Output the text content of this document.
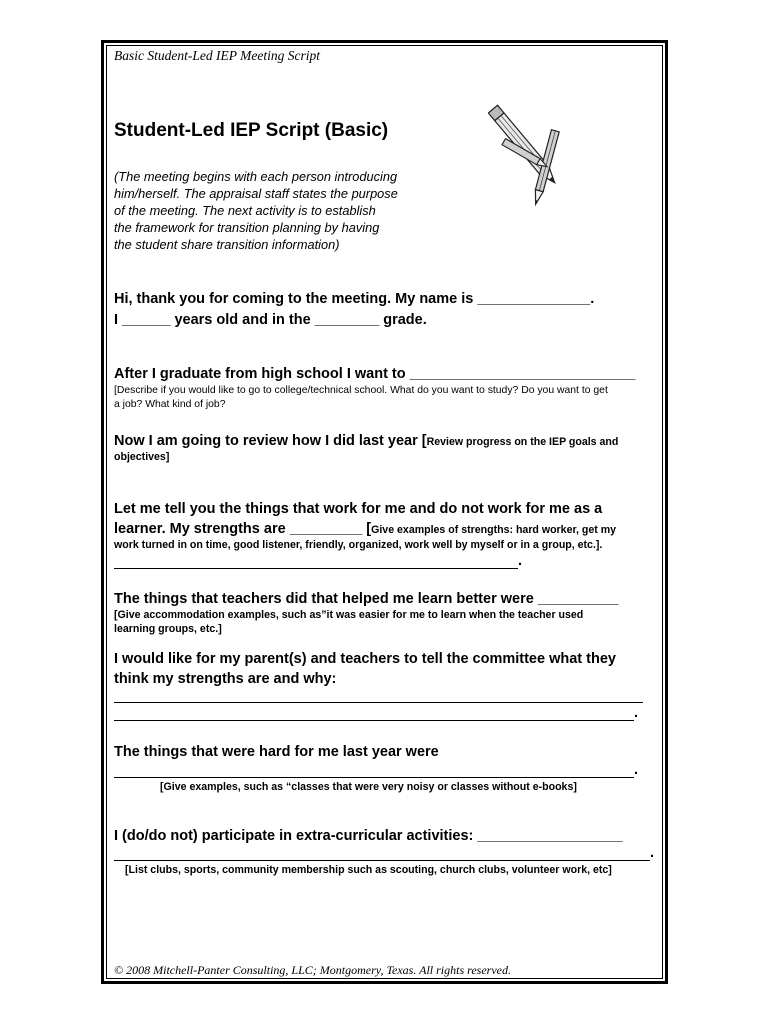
Basic Student-Led IEP Meeting Script
Student-Led IEP Script (Basic)
(The meeting begins with each person introducing
him/herself. The appraisal staff states the purpose
of the meeting. The next activity is to establish
the framework for transition planning by having
the student share transition information)
Hi, thank you for coming to the meeting. My name is ______________.
I ______ years old and in the ________ grade.
After I graduate from high school I want to ____________________________
[Describe if you would like to go to college/technical school. What do you want to study? Do you want to get
a job? What kind of job?
Now I am going to review how I did last year [Review progress on the IEP goals and
objectives]
Let me tell you the things that work for me and do not work for me as a
learner. My strengths are _________ [Give examples of strengths: hard worker, get my
work turned in on time, good listener, friendly, organized, work well by myself or in a group, etc.].
.
The things that teachers did that helped me learn better were __________
[Give accommodation examples, such as”it was easier for me to learn when the teacher used
learning groups, etc.]
I would like for my parent(s) and teachers to tell the committee what they
think my strengths are and why:
.
The things that were hard for me last year were
.
[Give examples, such as “classes that were very noisy or classes without e-books]
I (do/do not) participate in extra-curricular activities: __________________
.
[List clubs, sports, community membership such as scouting, church clubs, volunteer work, etc]
© 2008 Mitchell-Panter Consulting, LLC; Montgomery, Texas. All rights reserved.
